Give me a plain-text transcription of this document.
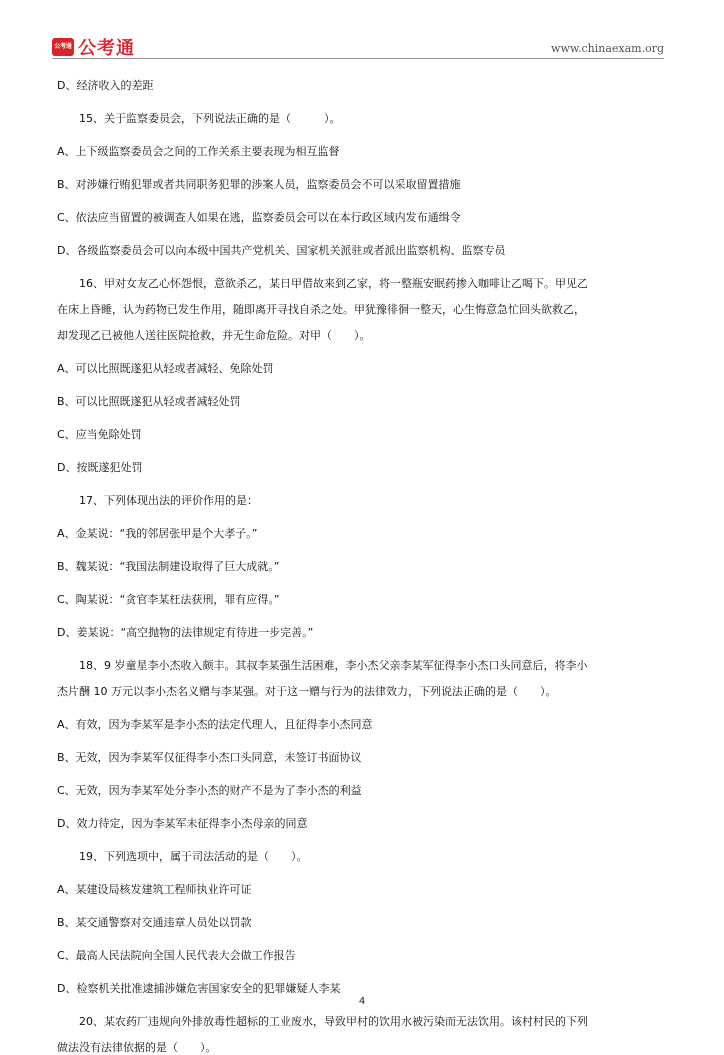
公考通 公考通	www.chinaexam.org
D、经济收入的差距
15、关于监察委员会，下列说法正确的是（　　　）。
A、上下级监察委员会之间的工作关系主要表现为相互监督
B、对涉嫌行贿犯罪或者共同职务犯罪的涉案人员，监察委员会不可以采取留置措施
C、依法应当留置的被调查人如果在逃，监察委员会可以在本行政区域内发布通缉令
D、各级监察委员会可以向本级中国共产党机关、国家机关派驻或者派出监察机构、监察专员
16、甲对女友乙心怀怨恨，意欲杀乙，某日甲借故来到乙家，将一整瓶安眠药掺入咖啡让乙喝下。甲见乙
在床上昏睡，认为药物已发生作用，随即离开寻找自杀之处。甲犹豫徘徊一整天，心生悔意急忙回头欲救乙，
却发现乙已被他人送往医院抢救，并无生命危险。对甲（　　）。
A、可以比照既遂犯从轻或者减轻、免除处罚
B、可以比照既遂犯从轻或者减轻处罚
C、应当免除处罚
D、按既遂犯处罚
17、下列体现出法的评价作用的是：
A、金某说：“我的邻居张甲是个大孝子。”
B、魏某说：“我国法制建设取得了巨大成就。”
C、陶某说：“贪官李某枉法获刑，罪有应得。”
D、姜某说：“高空抛物的法律规定有待进一步完善。”
18、9 岁童星李小杰收入颇丰。其叔李某强生活困难，李小杰父亲李某军征得李小杰口头同意后，将李小
杰片酬 10 万元以李小杰名义赠与李某强。对于这一赠与行为的法律效力，下列说法正确的是（　　）。
A、有效，因为李某军是李小杰的法定代理人，且征得李小杰同意
B、无效，因为李某军仅征得李小杰口头同意，未签订书面协议
C、无效，因为李某军处分李小杰的财产不是为了李小杰的利益
D、效力待定，因为李某军未征得李小杰母亲的同意
19、下列选项中，属于司法活动的是（　　）。
A、某建设局核发建筑工程师执业许可证
B、某交通警察对交通违章人员处以罚款
C、最高人民法院向全国人民代表大会做工作报告
D、检察机关批准逮捕涉嫌危害国家安全的犯罪嫌疑人李某
20、某农药厂违规向外排放毒性超标的工业废水，导致甲村的饮用水被污染而无法饮用。该村村民的下列
做法没有法律依据的是（　　）。
4
